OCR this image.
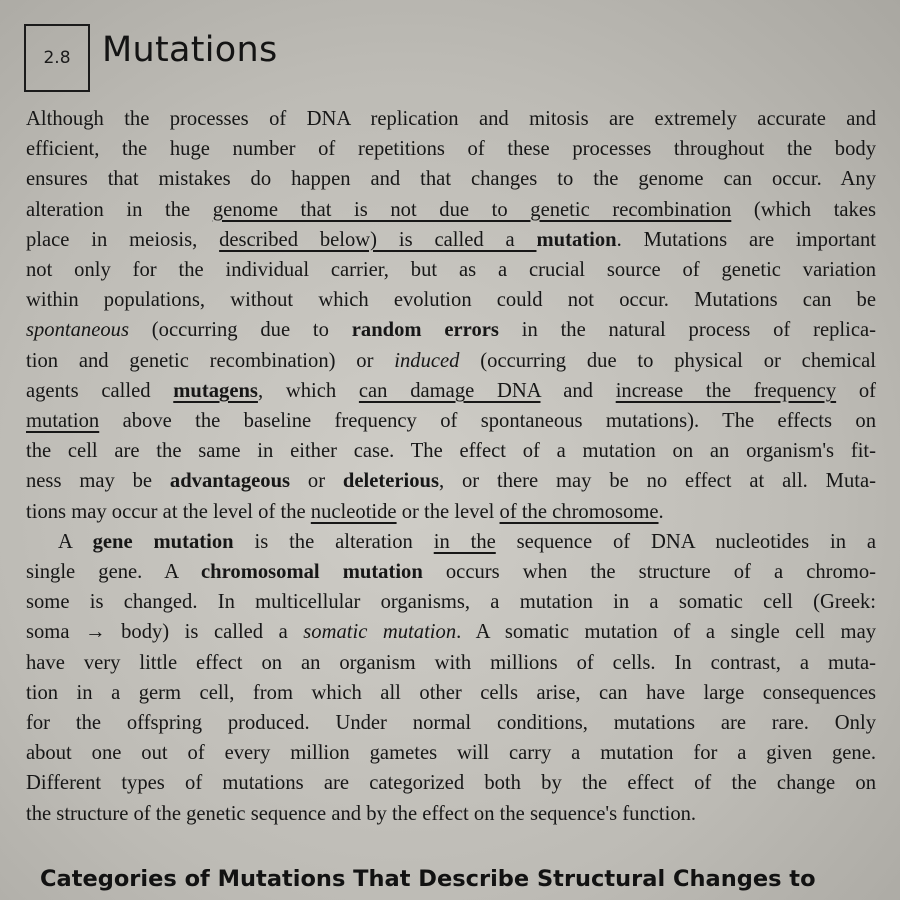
2.8 Mutations
Although the processes of DNA replication and mitosis are extremely accurate and
efficient, the huge number of repetitions of these processes throughout the body
ensures that mistakes do happen and that changes to the genome can occur. Any
alteration in the genome that is not due to genetic recombination (which takes
place in meiosis, described below) is called a mutation. Mutations are important
not only for the individual carrier, but as a crucial source of genetic variation
within populations, without which evolution could not occur. Mutations can be
spontaneous (occurring due to random errors in the natural process of replica-
tion and genetic recombination) or induced (occurring due to physical or chemical
agents called mutagens, which can damage DNA and increase the frequency of
mutation above the baseline frequency of spontaneous mutations). The effects on
the cell are the same in either case. The effect of a mutation on an organism's fit-
ness may be advantageous or deleterious, or there may be no effect at all. Muta-
tions may occur at the level of the nucleotide or the level of the chromosome.
A gene mutation is the alteration in the sequence of DNA nucleotides in a
single gene. A chromosomal mutation occurs when the structure of a chromo-
some is changed. In multicellular organisms, a mutation in a somatic cell (Greek:
soma → body) is called a somatic mutation. A somatic mutation of a single cell may
have very little effect on an organism with millions of cells. In contrast, a muta-
tion in a germ cell, from which all other cells arise, can have large consequences
for the offspring produced. Under normal conditions, mutations are rare. Only
about one out of every million gametes will carry a mutation for a given gene.
Different types of mutations are categorized both by the effect of the change on
the structure of the genetic sequence and by the effect on the sequence's function.
Categories of Mutations That Describe Structural Changes to
